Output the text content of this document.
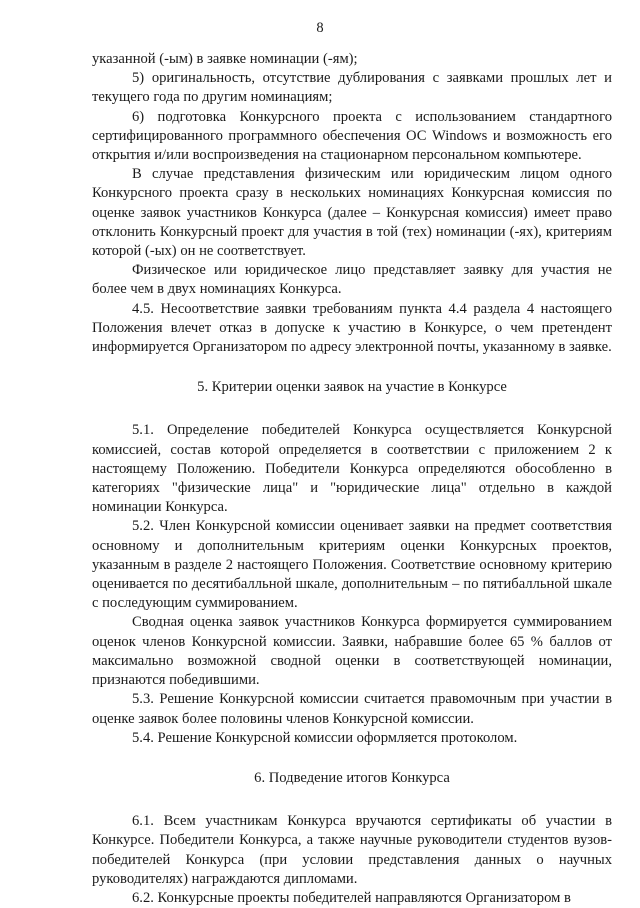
8

указанной (-ым) в заявке номинации (-ям);

5) оригинальность, отсутствие дублирования с заявками прошлых лет и текущего года по другим номинациям;

6) подготовка Конкурсного проекта с использованием стандартного сертифицированного программного обеспечения ОС Windows и возможность его открытия и/или воспроизведения на стационарном персональном компьютере.

В случае представления физическим или юридическим лицом одного Конкурсного проекта сразу в нескольких номинациях Конкурсная комиссия по оценке заявок участников Конкурса (далее – Конкурсная комиссия) имеет право отклонить Конкурсный проект для участия в той (тех) номинации (-ях), критериям которой (-ых) он не соответствует.

Физическое или юридическое лицо представляет заявку для участия не более чем в двух номинациях Конкурса.

4.5. Несоответствие заявки требованиям пункта 4.4 раздела 4 настоящего Положения влечет отказ в допуске к участию в Конкурсе, о чем претендент информируется Организатором по адресу электронной почты, указанному в заявке.

5. Критерии оценки заявок на участие в Конкурсе

5.1. Определение победителей Конкурса осуществляется Конкурсной комиссией, состав которой определяется в соответствии с приложением 2 к настоящему Положению. Победители Конкурса определяются обособленно в категориях "физические лица" и "юридические лица" отдельно в каждой номинации Конкурса.

5.2. Член Конкурсной комиссии оценивает заявки на предмет соответствия основному и дополнительным критериям оценки Конкурсных проектов, указанным в разделе 2 настоящего Положения. Соответствие основному критерию оценивается по десятибалльной шкале, дополнительным – по пятибалльной шкале с последующим суммированием.

Сводная оценка заявок участников Конкурса формируется суммированием оценок членов Конкурсной комиссии. Заявки, набравшие более 65 % баллов от максимально возможной сводной оценки в соответствующей номинации, признаются победившими.

5.3. Решение Конкурсной комиссии считается правомочным при участии в оценке заявок более половины членов Конкурсной комиссии.

5.4. Решение Конкурсной комиссии оформляется протоколом.

6. Подведение итогов Конкурса

6.1. Всем участникам Конкурса вручаются сертификаты об участии в Конкурсе. Победители Конкурса, а также научные руководители студентов вузов-победителей Конкурса (при условии представления данных о научных руководителях) награждаются дипломами.

6.2. Конкурсные проекты победителей направляются Организатором в
